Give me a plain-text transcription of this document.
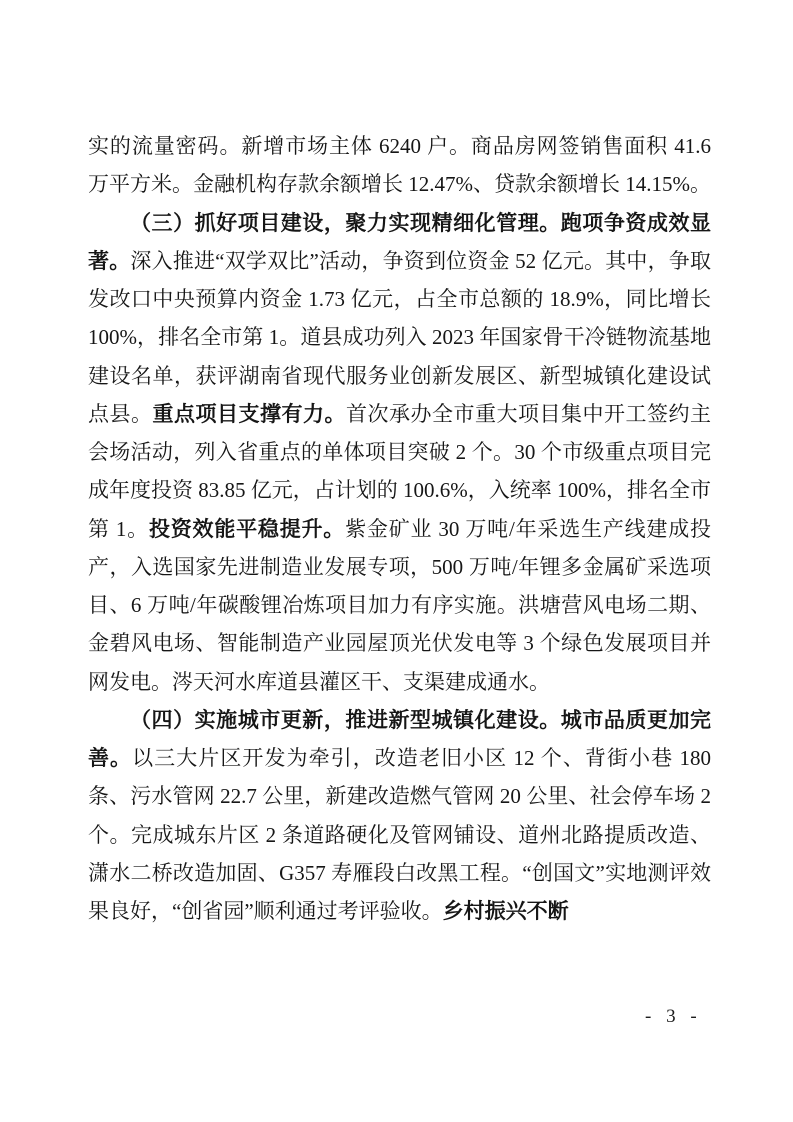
实的流量密码。新增市场主体 6240 户。商品房网签销售面积 41.6 万平方米。金融机构存款余额增长 12.47%、贷款余额增长 14.15%。

（三）抓好项目建设，聚力实现精细化管理。跑项争资成效显著。深入推进“双学双比”活动，争资到位资金 52 亿元。其中，争取发改口中央预算内资金 1.73 亿元，占全市总额的 18.9%，同比增长 100%，排名全市第 1。道县成功列入 2023 年国家骨干冷链物流基地建设名单，获评湖南省现代服务业创新发展区、新型城镇化建设试点县。重点项目支撑有力。首次承办全市重大项目集中开工签约主会场活动，列入省重点的单体项目突破 2 个。30 个市级重点项目完成年度投资 83.85 亿元，占计划的 100.6%，入统率 100%，排名全市第 1。投资效能平稳提升。紫金矿业 30 万吨/年采选生产线建成投产，入选国家先进制造业发展专项，500 万吨/年锂多金属矿采选项目、6 万吨/年碳酸锂冶炼项目加力有序实施。洪塘营风电场二期、金碧风电场、智能制造产业园屋顶光伏发电等 3 个绿色发展项目并网发电。涔天河水库道县灌区干、支渠建成通水。

（四）实施城市更新，推进新型城镇化建设。城市品质更加完善。以三大片区开发为牵引，改造老旧小区 12 个、背街小巷 180 条、污水管网 22.7 公里，新建改造燃气管网 20 公里、社会停车场 2 个。完成城东片区 2 条道路硬化及管网铺设、道州北路提质改造、潇水二桥改造加固、G357 寿雁段白改黑工程。“创国文”实地测评效果良好，“创省园”顺利通过考评验收。乡村振兴不断

- 3 -
